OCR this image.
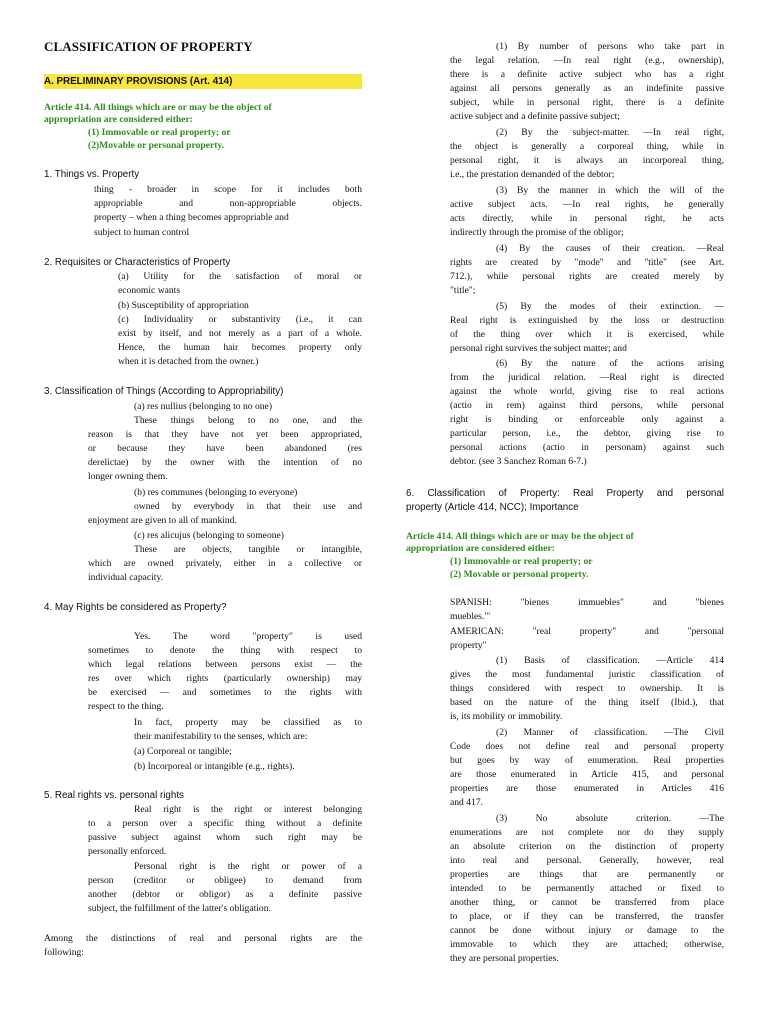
CLASSIFICATION OF PROPERTY
A. PRELIMINARY PROVISIONS (Art. 414)
Article 414. All things which are or may be the object of
appropriation are considered either:
(1) Immovable or real property; or
(2)Movable or personal property.
1. Things vs. Property
thing - broader in scope for it includes both
appropriable and non-appropriable objects.
property – when a thing becomes appropriable and
subject to human control
2. Requisites or Characteristics of Property
(a) Utility for the satisfaction of moral or
economic wants
(b) Susceptibility of appropriation
(c) Individuality or substantivity (i.e., it can
exist by itself, and not merely as a part of a whole.
Hence, the human hair becomes property only
when it is detached from the owner.)
3. Classification of Things (According to Appropriability)
(a) res nullius (belonging to no one)
These things belong to no one, and the
reason is that they have not yet been appropriated,
or because they have been abandoned (res
derelictae) by the owner with the intention of no
longer owning them.
(b) res communes (belonging to everyone)
owned by everybody in that their use and
enjoyment are given to all of mankind.
(c) res alicujus (belonging to someone)
These are objects, tangible or intangible,
which are owned privately, either in a collective or
individual capacity.
4. May Rights be considered as Property?
Yes. The word "property" is used
sometimes to denote the thing with respect to
which legal relations between persons exist — the
res over which rights (particularly ownership) may
be exercised — and sometimes to the rights with
respect to the thing.
In fact, property may be classified as to
their manifestability to the senses, which are:
(a) Corporeal or tangible;
(b) Incorporeal or intangible (e.g., rights).
5. Real rights vs. personal rights
Real right is the right or interest belonging
to a person over a specific thing without a definite
passive subject against whom such right may be
personally enforced.
Personal right is the right or power of a
person (creditor or obligee) to demand from
another (debtor or obligor) as a definite passive
subject, the fulfillment of the latter's obligation.
Among the distinctions of real and personal rights are the
following:
(1) By number of persons who take part in
the legal relation. —In real right (e.g., ownership),
there is a definite active subject who has a right
against all persons generally as an indefinite passive
subject, while in personal right, there is a definite
active subject and a definite passive subject;
(2) By the subject-matter. —In real right,
the object is generally a corporeal thing, while in
personal right, it is always an incorporeal thing,
i.e., the prestation demanded of the debtor;
(3) By the manner in which the will of the
active subject acts. —In real rights, he generally
acts directly, while in personal right, he acts
indirectly through the promise of the obligor;
(4) By the causes of their creation. —Real
rights are created by "mode" and "title" (see Art.
712.), while personal rights are created merely by
"title";
(5) By the modes of their extinction. —
Real right is extinguished by the loss or destruction
of the thing over which it is exercised, while
personal right survives the subject matter; and
(6) By the nature of the actions arising
from the juridical relation. —Real right is directed
against the whole world, giving rise to real actions
(actio in rem) against third persons, while personal
right is binding or enforceable only against a
particular person, i.e., the debtor, giving rise to
personal actions (actio in personam) against such
debtor. (see 3 Sanchez Roman 6-7.)
6. Classification of Property: Real Property and personal
property (Article 414, NCC); Importance
Article 414. All things which are or may be the object of
appropriation are considered either:
(1) Immovable or real property; or
(2) Movable or personal property.
SPANISH: "bienes immuebles" and "bienes
muebles."'
AMERICAN: "real property" and "personal
property"
(1) Basis of classification. —Article 414
gives the most fundamental juristic classification of
things considered with respect to ownership. It is
based on the nature of the thing itself (Ibid.), that
is, its mobility or immobility.
(2) Manner of classification. —The Civil
Code does not define real and personal property
but goes by way of enumeration. Real properties
are those enumerated in Article 415, and personal
properties are those enumerated in Articles 416
and 417.
(3) No absolute criterion. —The
enumerations are not complete nor do they supply
an absolute criterion on the distinction of property
into real and personal. Generally, however, real
properties are things that are permanently or
intended to be permanently attached or fixed to
another thing, or cannot be transferred from place
to place, or if they can be transferred, the transfer
cannot be done without injury or damage to the
immovable to which they are attached; otherwise,
they are personal properties.
